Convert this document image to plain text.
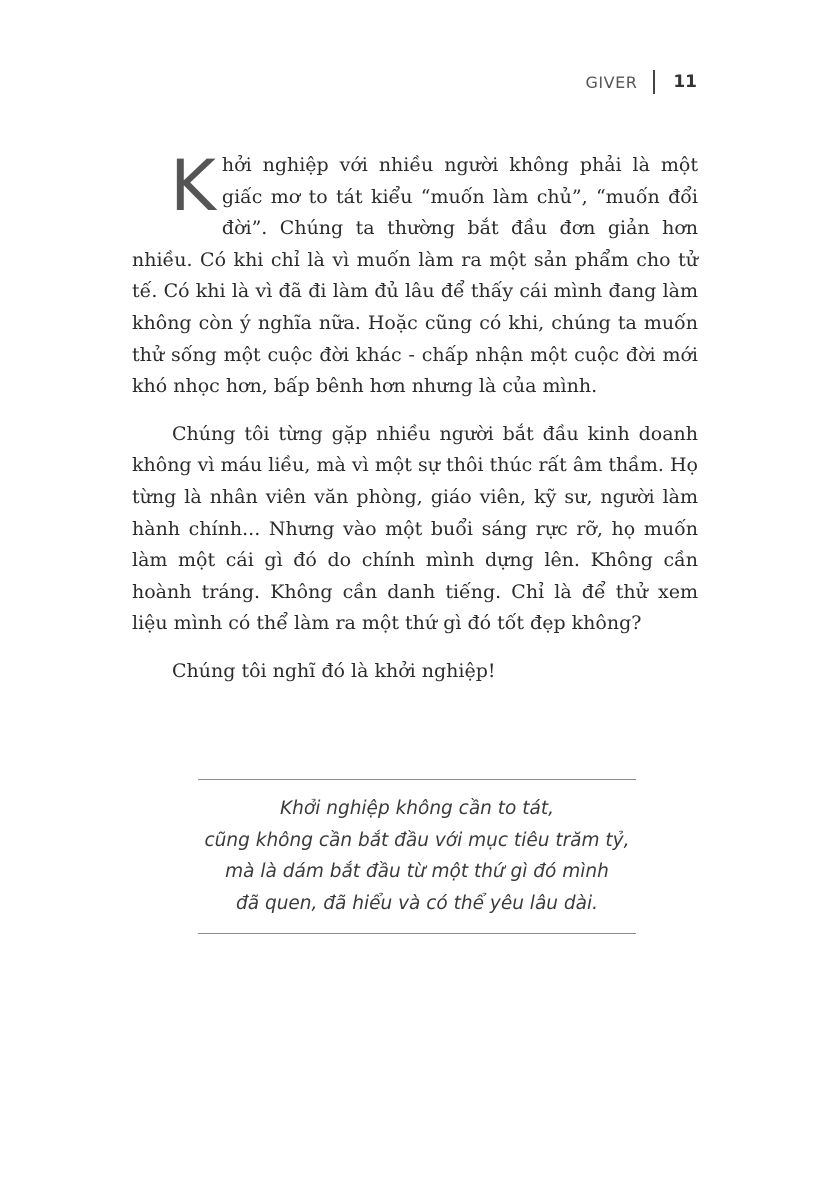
GIVER 11

Khởi nghiệp với nhiều người không phải là một giấc mơ to tát kiểu “muốn làm chủ”, “muốn đổi đời”. Chúng ta thường bắt đầu đơn giản hơn nhiều. Có khi chỉ là vì muốn làm ra một sản phẩm cho tử tế. Có khi là vì đã đi làm đủ lâu để thấy cái mình đang làm không còn ý nghĩa nữa. Hoặc cũng có khi, chúng ta muốn thử sống một cuộc đời khác - chấp nhận một cuộc đời mới khó nhọc hơn, bấp bênh hơn nhưng là của mình.

Chúng tôi từng gặp nhiều người bắt đầu kinh doanh không vì máu liều, mà vì một sự thôi thúc rất âm thầm. Họ từng là nhân viên văn phòng, giáo viên, kỹ sư, người làm hành chính... Nhưng vào một buổi sáng rực rỡ, họ muốn làm một cái gì đó do chính mình dựng lên. Không cần hoành tráng. Không cần danh tiếng. Chỉ là để thử xem liệu mình có thể làm ra một thứ gì đó tốt đẹp không?

Chúng tôi nghĩ đó là khởi nghiệp!

Khởi nghiệp không cần to tát,
cũng không cần bắt đầu với mục tiêu trăm tỷ,
mà là dám bắt đầu từ một thứ gì đó mình
đã quen, đã hiểu và có thể yêu lâu dài.
